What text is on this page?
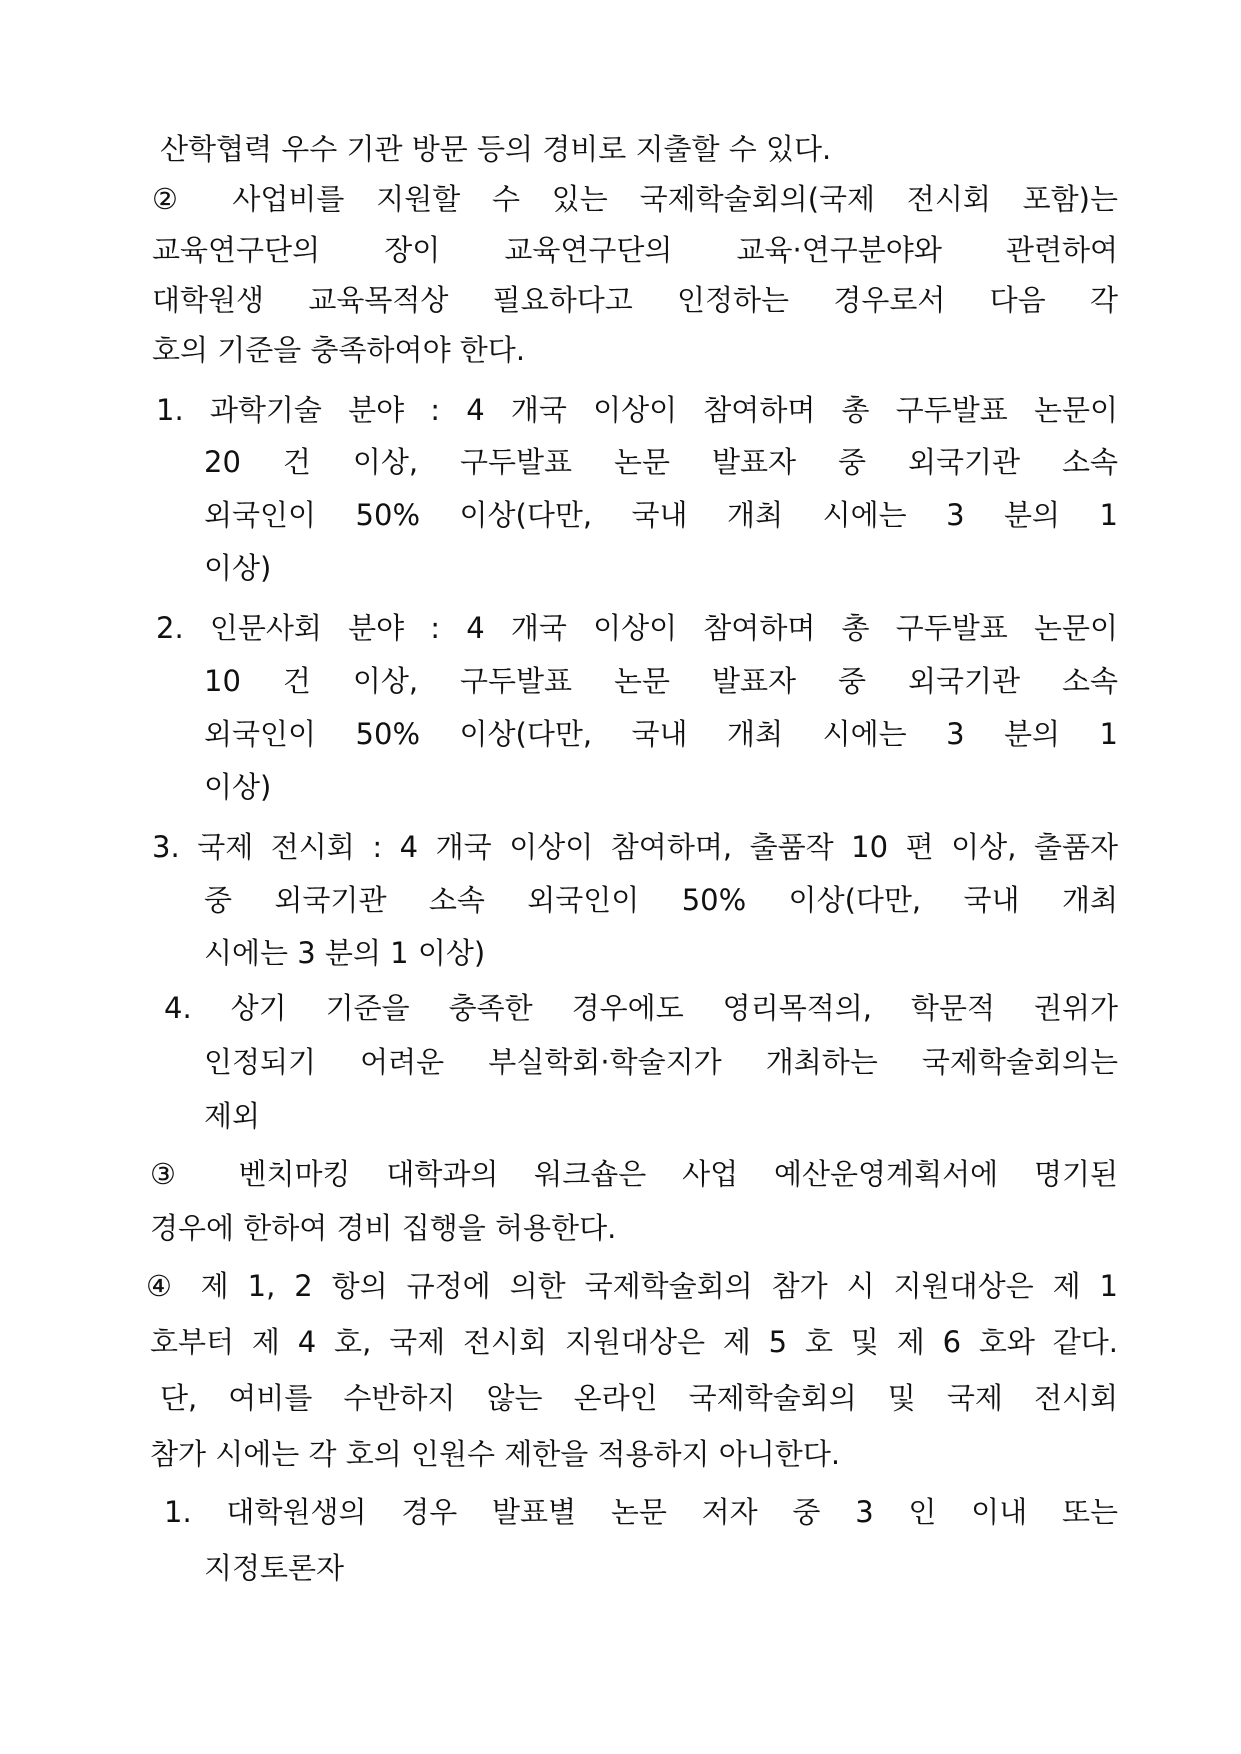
산학협력 우수 기관 방문 등의 경비로 지출할 수 있다.
② 사업비를 지원할 수 있는 국제학술회의(국제 전시회 포함)는
교육연구단의 장이 교육연구단의 교육·연구분야와 관련하여
대학원생 교육목적상 필요하다고 인정하는 경우로서 다음 각
호의 기준을 충족하여야 한다.
1. 과학기술 분야 : 4 개국 이상이 참여하며 총 구두발표 논문이
20 건 이상, 구두발표 논문 발표자 중 외국기관 소속
외국인이 50% 이상(다만, 국내 개최 시에는 3 분의 1
이상)
2. 인문사회 분야 : 4 개국 이상이 참여하며 총 구두발표 논문이
10 건 이상, 구두발표 논문 발표자 중 외국기관 소속
외국인이 50% 이상(다만, 국내 개최 시에는 3 분의 1
이상)
3. 국제 전시회 : 4 개국 이상이 참여하며, 출품작 10 편 이상, 출품자
중 외국기관 소속 외국인이 50% 이상(다만, 국내 개최
시에는 3 분의 1 이상)
4. 상기 기준을 충족한 경우에도 영리목적의, 학문적 권위가
인정되기 어려운 부실학회·학술지가 개최하는 국제학술회의는
제외
③ 벤치마킹 대학과의 워크숍은 사업 예산운영계획서에 명기된
경우에 한하여 경비 집행을 허용한다.
④ 제 1, 2 항의 규정에 의한 국제학술회의 참가 시 지원대상은 제 1
호부터 제 4 호, 국제 전시회 지원대상은 제 5 호 및 제 6 호와 같다.
단, 여비를 수반하지 않는 온라인 국제학술회의 및 국제 전시회
참가 시에는 각 호의 인원수 제한을 적용하지 아니한다.
1. 대학원생의 경우 발표별 논문 저자 중 3 인 이내 또는
지정토론자
